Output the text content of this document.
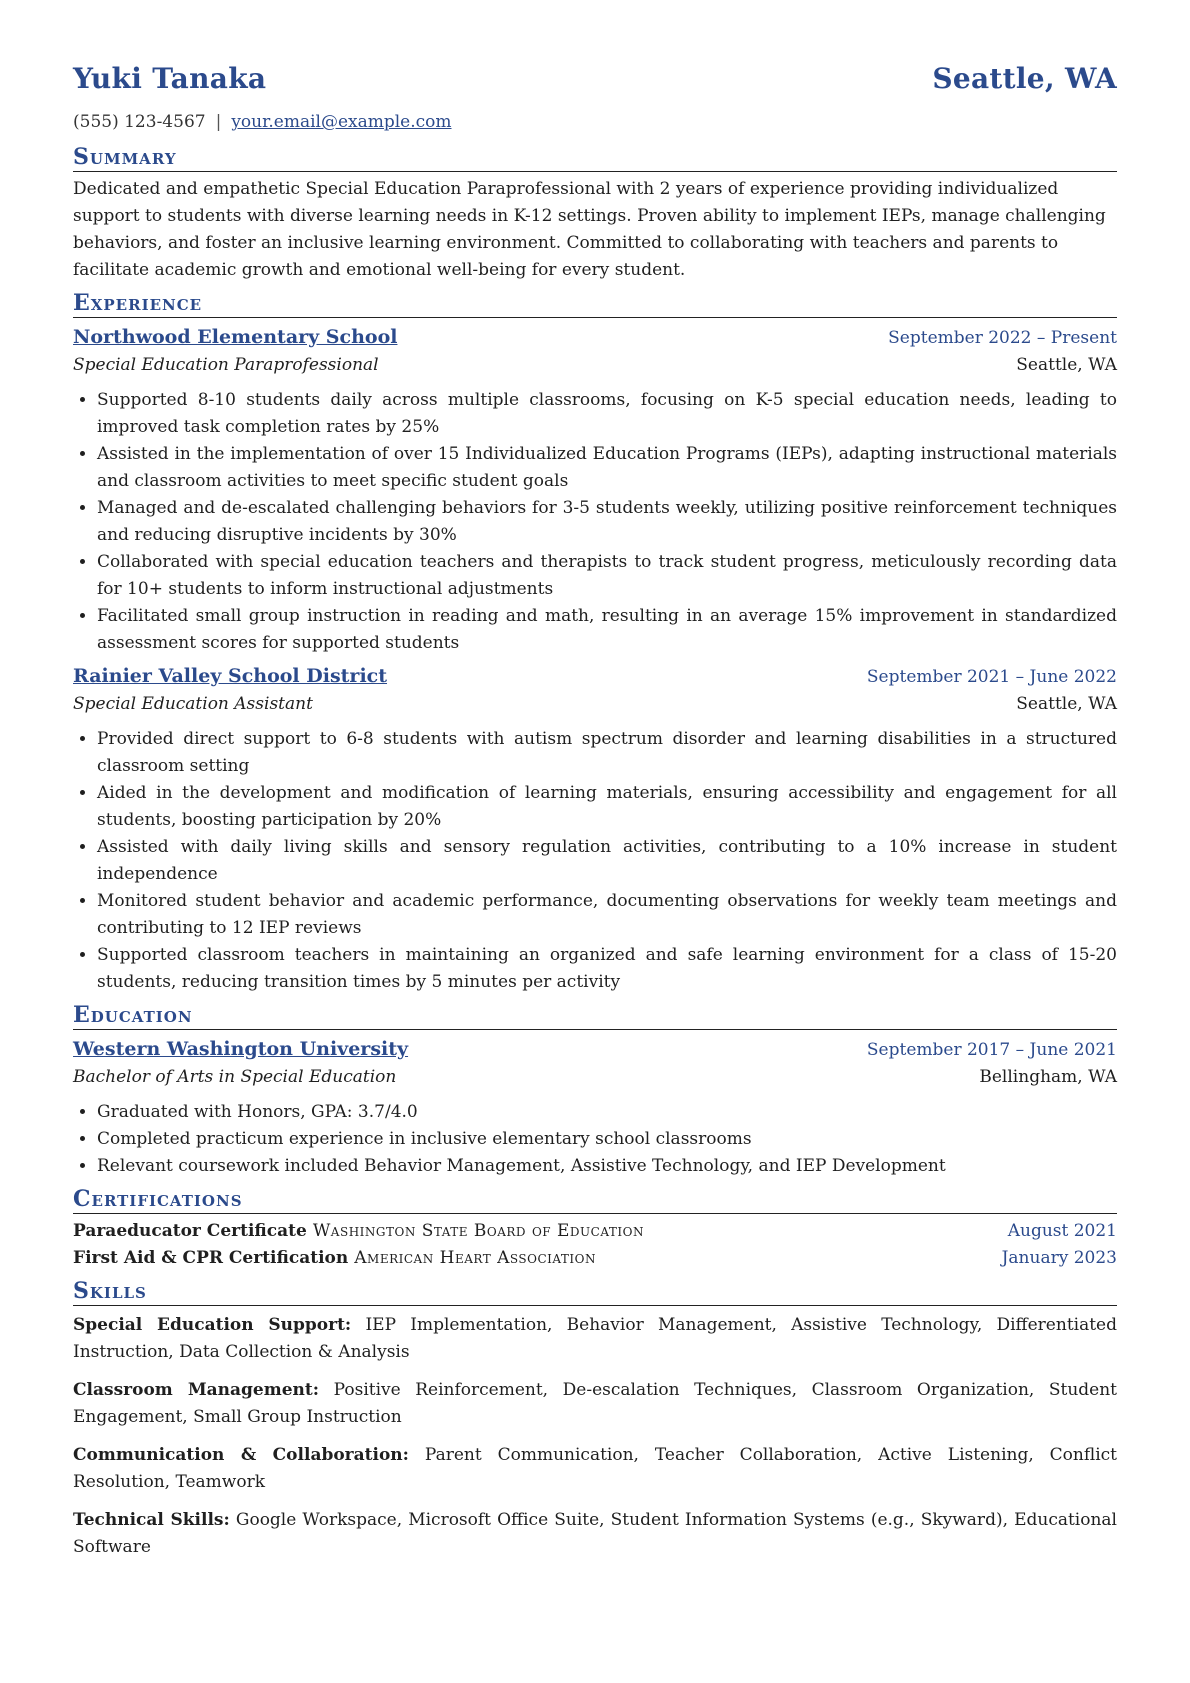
Yuki Tanaka	Seattle, WA
(555) 123-4567 | your.email@example.com
Summary
Dedicated and empathetic Special Education Paraprofessional with 2 years of experience providing individualized support to students with diverse learning needs in K-12 settings. Proven ability to implement IEPs, manage challenging behaviors, and foster an inclusive learning environment. Committed to collaborating with teachers and parents to facilitate academic growth and emotional well-being for every student.
Experience
Northwood Elementary School	September 2022 – Present
Special Education Paraprofessional	Seattle, WA
• Supported 8-10 students daily across multiple classrooms, focusing on K-5 special education needs, leading to improved task completion rates by 25%
• Assisted in the implementation of over 15 Individualized Education Programs (IEPs), adapting instructional materials and classroom activities to meet specific student goals
• Managed and de-escalated challenging behaviors for 3-5 students weekly, utilizing positive reinforcement techniques and reducing disruptive incidents by 30%
• Collaborated with special education teachers and therapists to track student progress, meticulously recording data for 10+ students to inform instructional adjustments
• Facilitated small group instruction in reading and math, resulting in an average 15% improvement in standardized assessment scores for supported students
Rainier Valley School District	September 2021 – June 2022
Special Education Assistant	Seattle, WA
• Provided direct support to 6-8 students with autism spectrum disorder and learning disabilities in a structured classroom setting
• Aided in the development and modification of learning materials, ensuring accessibility and engagement for all students, boosting participation by 20%
• Assisted with daily living skills and sensory regulation activities, contributing to a 10% increase in student independence
• Monitored student behavior and academic performance, documenting observations for weekly team meetings and contributing to 12 IEP reviews
• Supported classroom teachers in maintaining an organized and safe learning environment for a class of 15-20 students, reducing transition times by 5 minutes per activity
Education
Western Washington University	September 2017 – June 2021
Bachelor of Arts in Special Education	Bellingham, WA
• Graduated with Honors, GPA: 3.7/4.0
• Completed practicum experience in inclusive elementary school classrooms
• Relevant coursework included Behavior Management, Assistive Technology, and IEP Development
Certifications
Paraeducator Certificate Washington State Board of Education	August 2021
First Aid & CPR Certification American Heart Association	January 2023
Skills
Special Education Support: IEP Implementation, Behavior Management, Assistive Technology, Differentiated Instruction, Data Collection & Analysis
Classroom Management: Positive Reinforcement, De-escalation Techniques, Classroom Organization, Student Engagement, Small Group Instruction
Communication & Collaboration: Parent Communication, Teacher Collaboration, Active Listening, Conflict Resolution, Teamwork
Technical Skills: Google Workspace, Microsoft Office Suite, Student Information Systems (e.g., Skyward), Educational Software
